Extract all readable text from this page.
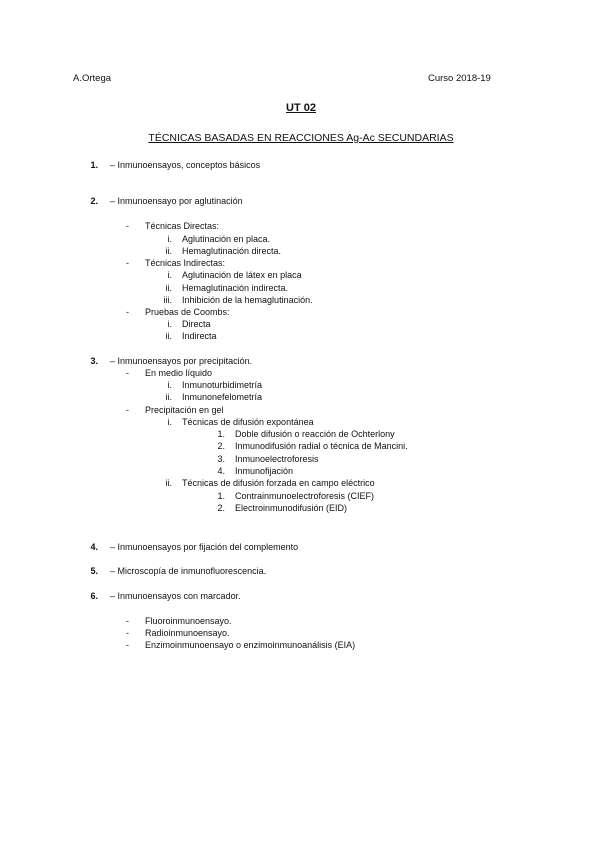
A.Ortega	Curso 2018-19
UT 02
TÉCNICAS BASADAS EN REACCIONES Ag-Ac SECUNDARIAS
1. – Inmunoensayos, conceptos básicos
2. – Inmunoensayo por aglutinación
- Técnicas Directas:
i. Aglutinación en placa.
ii. Hemaglutinación directa.
- Técnicas Indirectas:
i. Aglutinación de látex en placa
ii. Hemaglutinación indirecta.
iii. Inhibición de la hemaglutinación.
- Pruebas de Coombs:
i. Directa
ii. Indirecta
3. – Inmunoensayos por precipitación.
- En medio líquido
i. Inmunoturbidimetría
ii. Inmunonefelometría
- Precipitación en gel
i. Técnicas de difusión expontánea
1. Doble difusión o reacción de Ochterlony
2. Inmunodifusión radial o técnica de Mancini.
3. Inmunoelectroforesis
4. Inmunofijación
ii. Técnicas de difusión forzada en campo eléctrico
1. Contrainmunoelectroforesis (CIEF)
2. Electroinmunodifusión (EID)
4. – Inmunoensayos por fijación del complemento
5. – Microscopía de inmunofluorescencia.
6. – Inmunoensayos con marcador.
- Fluoroinmunoensayo.
- Radioinmunoensayo.
- Enzimoinmunoensayo o enzimoinmunoanálisis (EIA)
